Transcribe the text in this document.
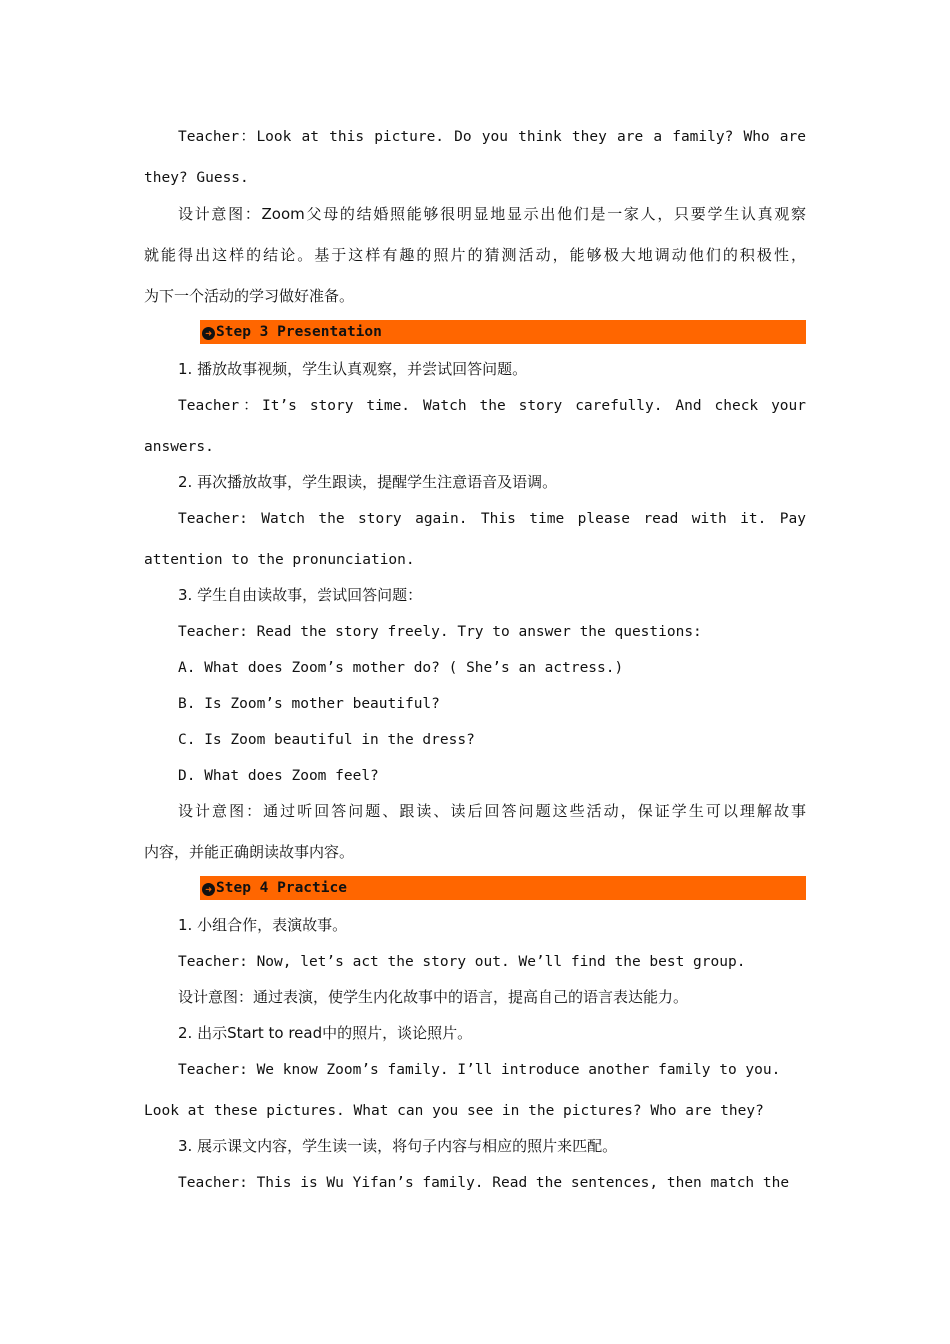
Teacher：Look at this picture. Do you think they are a family? Who are
they? Guess.
设计意图：Zoom父母的结婚照能够很明显地显示出他们是一家人，只要学生认真观察
就能得出这样的结论。基于这样有趣的照片的猜测活动，能够极大地调动他们的积极性，
为下一个活动的学习做好准备。
➜ Step 3 Presentation
1. 播放故事视频，学生认真观察，并尝试回答问题。
Teacher：It’s story time. Watch the story carefully. And check your
answers.
2. 再次播放故事，学生跟读，提醒学生注意语音及语调。
Teacher: Watch the story again. This time please read with it. Pay
attention to the pronunciation.
3. 学生自由读故事，尝试回答问题：
Teacher: Read the story freely. Try to answer the questions:
A. What does Zoom’s mother do? ( She’s an actress.)
B. Is Zoom’s mother beautiful?
C. Is Zoom beautiful in the dress?
D. What does Zoom feel?
设计意图：通过听回答问题、跟读、读后回答问题这些活动，保证学生可以理解故事
内容，并能正确朗读故事内容。
➜ Step 4 Practice
1. 小组合作，表演故事。
Teacher: Now, let’s act the story out. We’ll find the best group.
设计意图：通过表演，使学生内化故事中的语言，提高自己的语言表达能力。
2. 出示Start to read中的照片，谈论照片。
Teacher: We know Zoom’s family. I’ll introduce another family to you.
Look at these pictures. What can you see in the pictures? Who are they?
3. 展示课文内容，学生读一读，将句子内容与相应的照片来匹配。
Teacher: This is Wu Yifan’s family. Read the sentences, then match the
